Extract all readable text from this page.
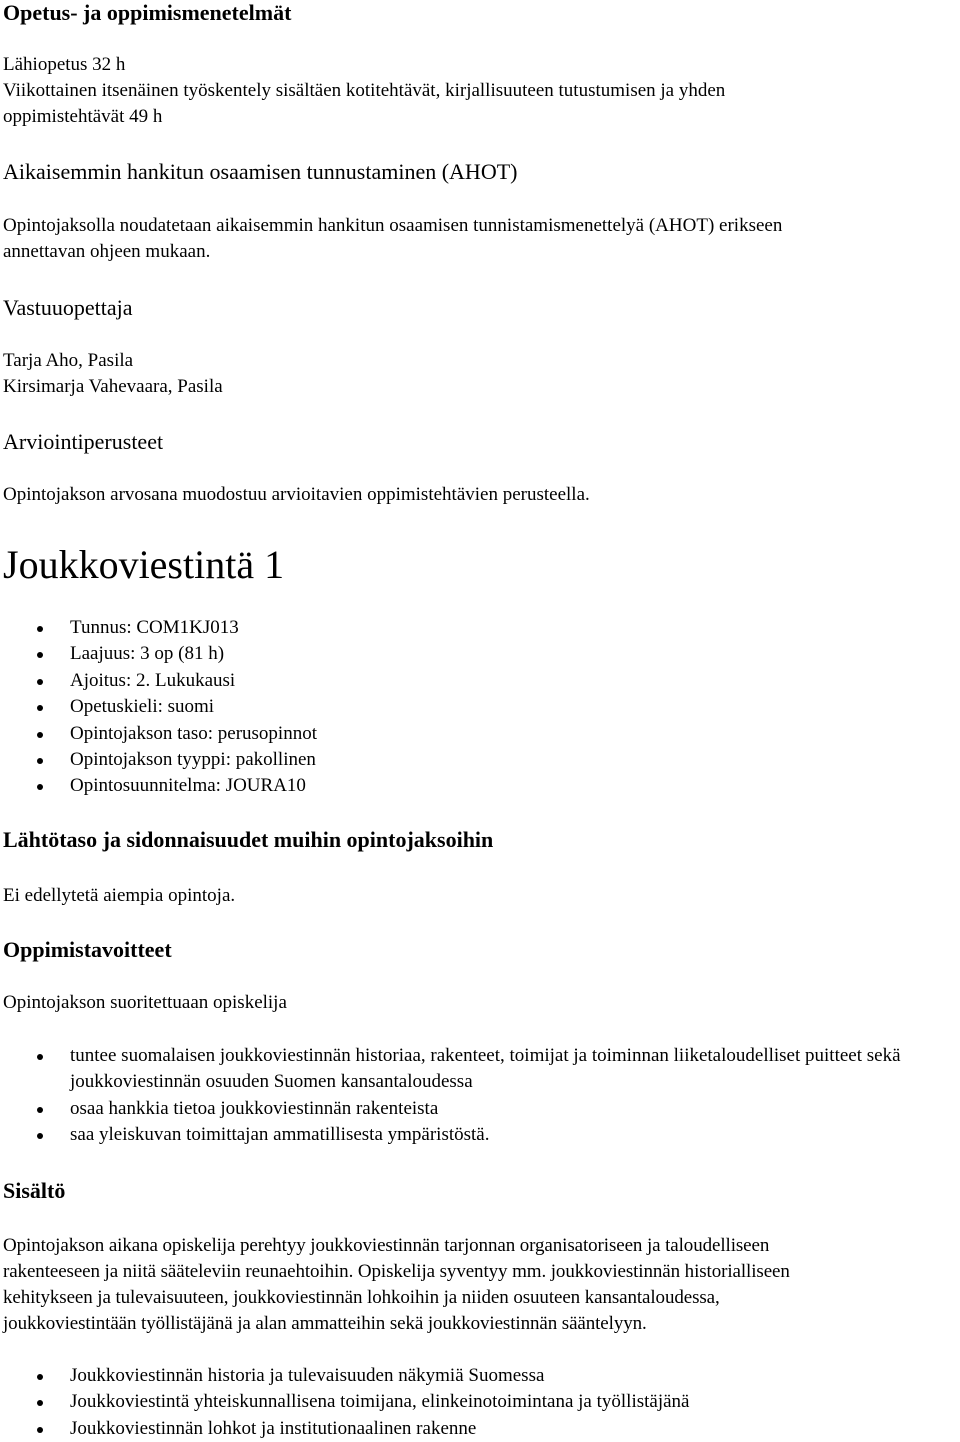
Opetus- ja oppimismenetelmät
Lähiopetus 32 h
Viikottainen itsenäinen työskentely sisältäen kotitehtävät, kirjallisuuteen tutustumisen ja yhden
oppimistehtävät 49 h
Aikaisemmin hankitun osaamisen tunnustaminen (AHOT)
Opintojaksolla noudatetaan aikaisemmin hankitun osaamisen tunnistamismenettelyä (AHOT) erikseen
annettavan ohjeen mukaan.
Vastuuopettaja
Tarja Aho, Pasila
Kirsimarja Vahevaara, Pasila
Arviointiperusteet
Opintojakson arvosana muodostuu arvioitavien oppimistehtävien perusteella.
Joukkoviestintä 1
Tunnus: COM1KJ013
Laajuus: 3 op (81 h)
Ajoitus: 2. Lukukausi
Opetuskieli: suomi
Opintojakson taso: perusopinnot
Opintojakson tyyppi: pakollinen
Opintosuunnitelma: JOURA10
Lähtötaso ja sidonnaisuudet muihin opintojaksoihin
Ei edellytetä aiempia opintoja.
Oppimistavoitteet
Opintojakson suoritettuaan opiskelija
tuntee suomalaisen joukkoviestinnän historiaa, rakenteet, toimijat ja toiminnan liiketaloudelliset puitteet sekä joukkoviestinnän osuuden Suomen kansantaloudessa
osaa hankkia tietoa joukkoviestinnän rakenteista
saa yleiskuvan toimittajan ammatillisesta ympäristöstä.
Sisältö
Opintojakson aikana opiskelija perehtyy joukkoviestinnän tarjonnan organisatoriseen ja taloudelliseen
rakenteeseen ja niitä sääteleviin reunaehtoihin. Opiskelija syventyy mm. joukkoviestinnän historialliseen
kehitykseen ja tulevaisuuteen, joukkoviestinnän lohkoihin ja niiden osuuteen kansantaloudessa,
joukkoviestintään työllistäjänä ja alan ammatteihin sekä joukkoviestinnän sääntelyyn.
Joukkoviestinnän historia ja tulevaisuuden näkymiä Suomessa
Joukkoviestintä yhteiskunnallisena toimijana, elinkeinotoimintana ja työllistäjänä
Joukkoviestinnän lohkot ja institutionaalinen rakenne
